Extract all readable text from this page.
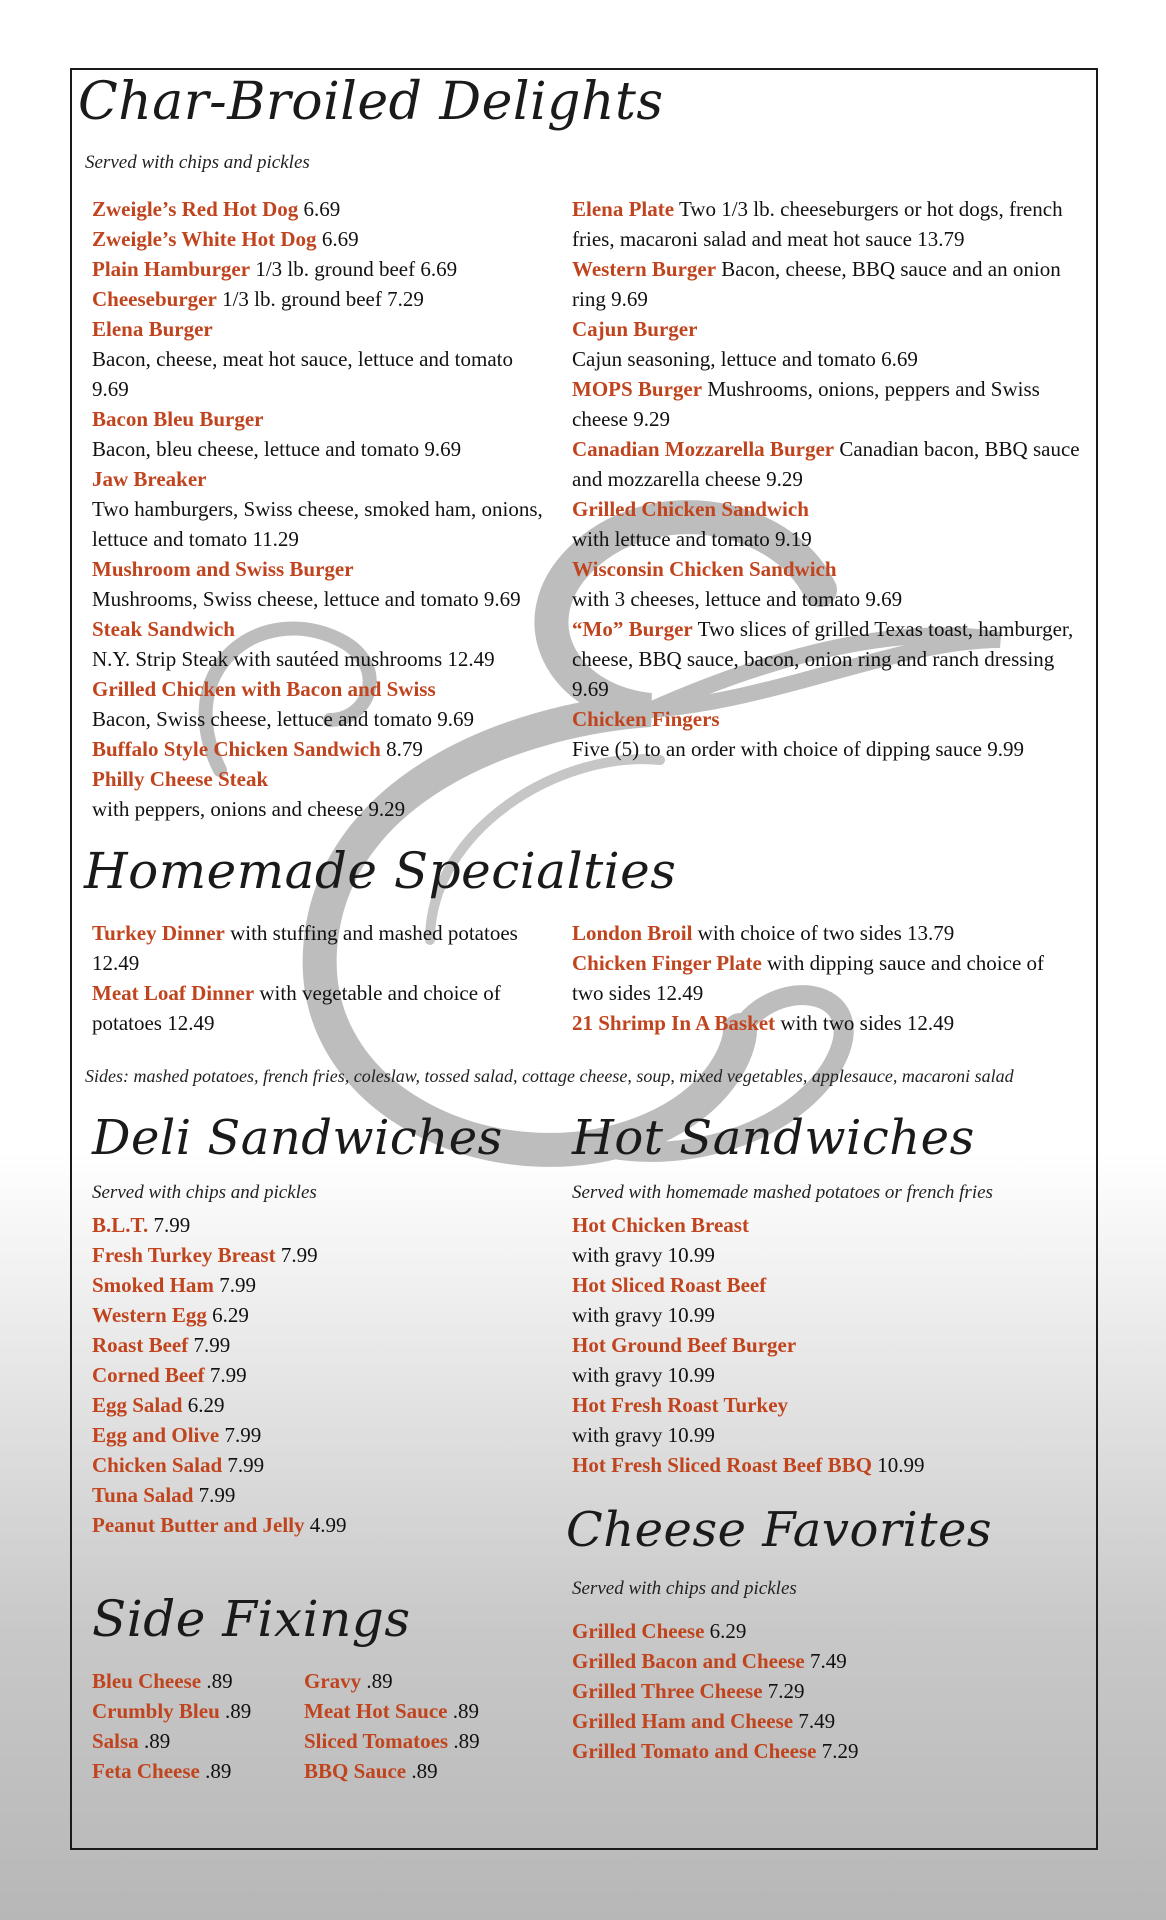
Char-Broiled Delights
Served with chips and pickles
Zweigle’s Red Hot Dog 6.69
Zweigle’s White Hot Dog 6.69
Plain Hamburger 1/3 lb. ground beef 6.69
Cheeseburger 1/3 lb. ground beef 7.29
Elena Burger
Bacon, cheese, meat hot sauce, lettuce and tomato 9.69
Bacon Bleu Burger
Bacon, bleu cheese, lettuce and tomato 9.69
Jaw Breaker
Two hamburgers, Swiss cheese, smoked ham, onions, lettuce and tomato 11.29
Mushroom and Swiss Burger
Mushrooms, Swiss cheese, lettuce and tomato 9.69
Steak Sandwich
N.Y. Strip Steak with sautéed mushrooms 12.49
Grilled Chicken with Bacon and Swiss
Bacon, Swiss cheese, lettuce and tomato 9.69
Buffalo Style Chicken Sandwich 8.79
Philly Cheese Steak
with peppers, onions and cheese 9.29
Elena Plate Two 1/3 lb. cheeseburgers or hot dogs, french fries, macaroni salad and meat hot sauce 13.79
Western Burger Bacon, cheese, BBQ sauce and an onion ring 9.69
Cajun Burger
Cajun seasoning, lettuce and tomato 6.69
MOPS Burger Mushrooms, onions, peppers and Swiss cheese 9.29
Canadian Mozzarella Burger Canadian bacon, BBQ sauce and mozzarella cheese 9.29
Grilled Chicken Sandwich
with lettuce and tomato 9.19
Wisconsin Chicken Sandwich
with 3 cheeses, lettuce and tomato 9.69
“Mo” Burger Two slices of grilled Texas toast, hamburger, cheese, BBQ sauce, bacon, onion ring and ranch dressing 9.69
Chicken Fingers
Five (5) to an order with choice of dipping sauce 9.99
Homemade Specialties
Turkey Dinner with stuffing and mashed potatoes 12.49
Meat Loaf Dinner with vegetable and choice of potatoes 12.49
London Broil with choice of two sides 13.79
Chicken Finger Plate with dipping sauce and choice of two sides 12.49
21 Shrimp In A Basket with two sides 12.49
Sides: mashed potatoes, french fries, coleslaw, tossed salad, cottage cheese, soup, mixed vegetables, applesauce, macaroni salad
Deli Sandwiches
Served with chips and pickles
B.L.T. 7.99
Fresh Turkey Breast 7.99
Smoked Ham 7.99
Western Egg 6.29
Roast Beef 7.99
Corned Beef 7.99
Egg Salad 6.29
Egg and Olive 7.99
Chicken Salad 7.99
Tuna Salad 7.99
Peanut Butter and Jelly 4.99
Hot Sandwiches
Served with homemade mashed potatoes or french fries
Hot Chicken Breast
with gravy 10.99
Hot Sliced Roast Beef
with gravy 10.99
Hot Ground Beef Burger
with gravy 10.99
Hot Fresh Roast Turkey
with gravy 10.99
Hot Fresh Sliced Roast Beef BBQ 10.99
Side Fixings
Bleu Cheese .89
Crumbly Bleu .89
Salsa .89
Feta Cheese .89
Gravy .89
Meat Hot Sauce .89
Sliced Tomatoes .89
BBQ Sauce .89
Cheese Favorites
Served with chips and pickles
Grilled Cheese 6.29
Grilled Bacon and Cheese 7.49
Grilled Three Cheese 7.29
Grilled Ham and Cheese 7.49
Grilled Tomato and Cheese 7.29
